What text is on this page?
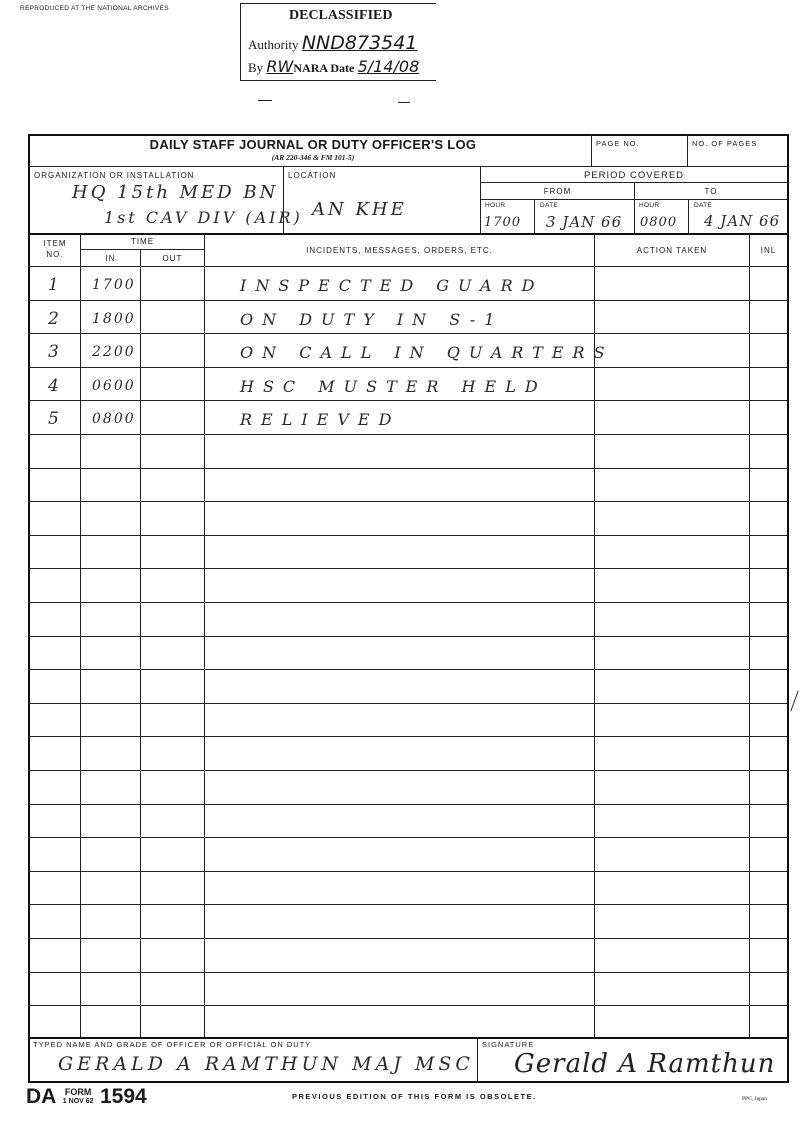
REPRODUCED AT THE NATIONAL ARCHIVES	DECLASSIFIED
Authority NND873541
By RWNARA Date 5/14/08
DAILY STAFF JOURNAL OR DUTY OFFICER'S LOG
(AR 220-346 & FM 101-5)
PAGE NO.	NO. OF PAGES
ORGANIZATION OR INSTALLATION
HQ 15th MED BN
1st CAV DIV (AIR)
LOCATION
AN KHE
PERIOD COVERED
FROM	TO
HOUR	DATE	HOUR	DATE
1700 3 JAN 66 0800 4 JAN 66
ITEM
NO.
TIME
IN	OUT
INCIDENTS, MESSAGES, ORDERS, ETC.	ACTION TAKEN	INL
1 1700	INSPECTED GUARD
2 1800	ON DUTY IN S-1
3 2200	ON CALL IN QUARTERS
4 0600	HSC MUSTER HELD
5 0800	RELIEVED
TYPED NAME AND GRADE OF OFFICER OR OFFICIAL ON DUTY
GERALD A RAMTHUN MAJ MSC
SIGNATURE
Gerald A Ramthun
DA FORM
1 NOV 62 1594	PREVIOUS EDITION OF THIS FORM IS OBSOLETE.	PPC, Japan
